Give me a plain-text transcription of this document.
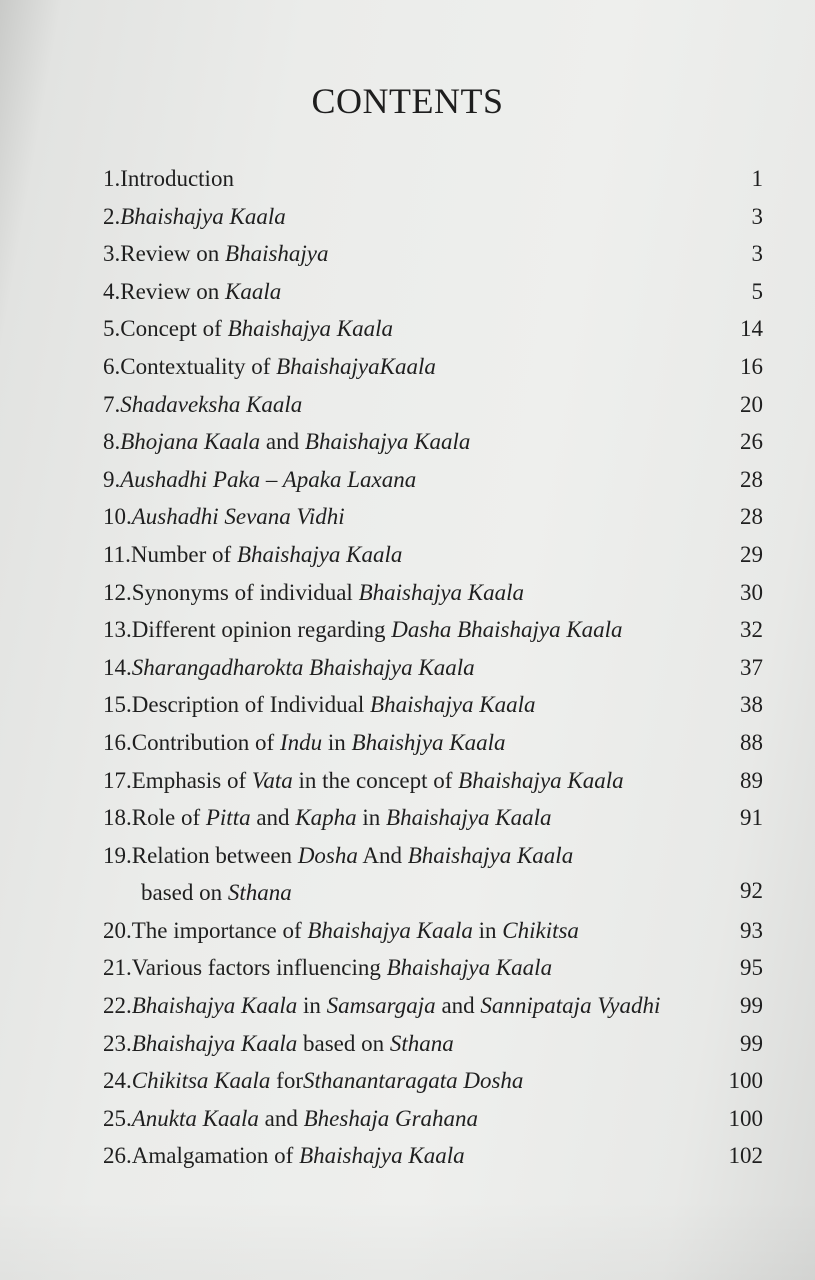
CONTENTS
1. Introduction	1
2. Bhaishajya Kaala	3
3. Review on Bhaishajya	3
4. Review on Kaala	5
5. Concept of Bhaishajya Kaala	14
6. Contextuality of BhaishajyaKaala	16
7. Shadaveksha Kaala	20
8. Bhojana Kaala and Bhaishajya Kaala	26
9. Aushadhi Paka – Apaka Laxana	28
10. Aushadhi Sevana Vidhi	28
11. Number of Bhaishajya Kaala	29
12. Synonyms of individual Bhaishajya Kaala	30
13. Different opinion regarding Dasha Bhaishajya Kaala	32
14. Sharangadharokta Bhaishajya Kaala	37
15. Description of Individual Bhaishajya Kaala	38
16. Contribution of Indu in Bhaishjya Kaala	88
17. Emphasis of Vata in the concept of Bhaishajya Kaala	89
18. Role of Pitta and Kapha in Bhaishajya Kaala	91
19. Relation between Dosha And Bhaishajya Kaala
based on Sthana	92
20. The importance of Bhaishajya Kaala in Chikitsa	93
21. Various factors influencing Bhaishajya Kaala	95
22. Bhaishajya Kaala in Samsargaja and Sannipataja Vyadhi	99
23. Bhaishajya Kaala based on Sthana	99
24. Chikitsa Kaala forSthanantaragata Dosha	100
25. Anukta Kaala and Bheshaja Grahana	100
26. Amalgamation of Bhaishajya Kaala	102
